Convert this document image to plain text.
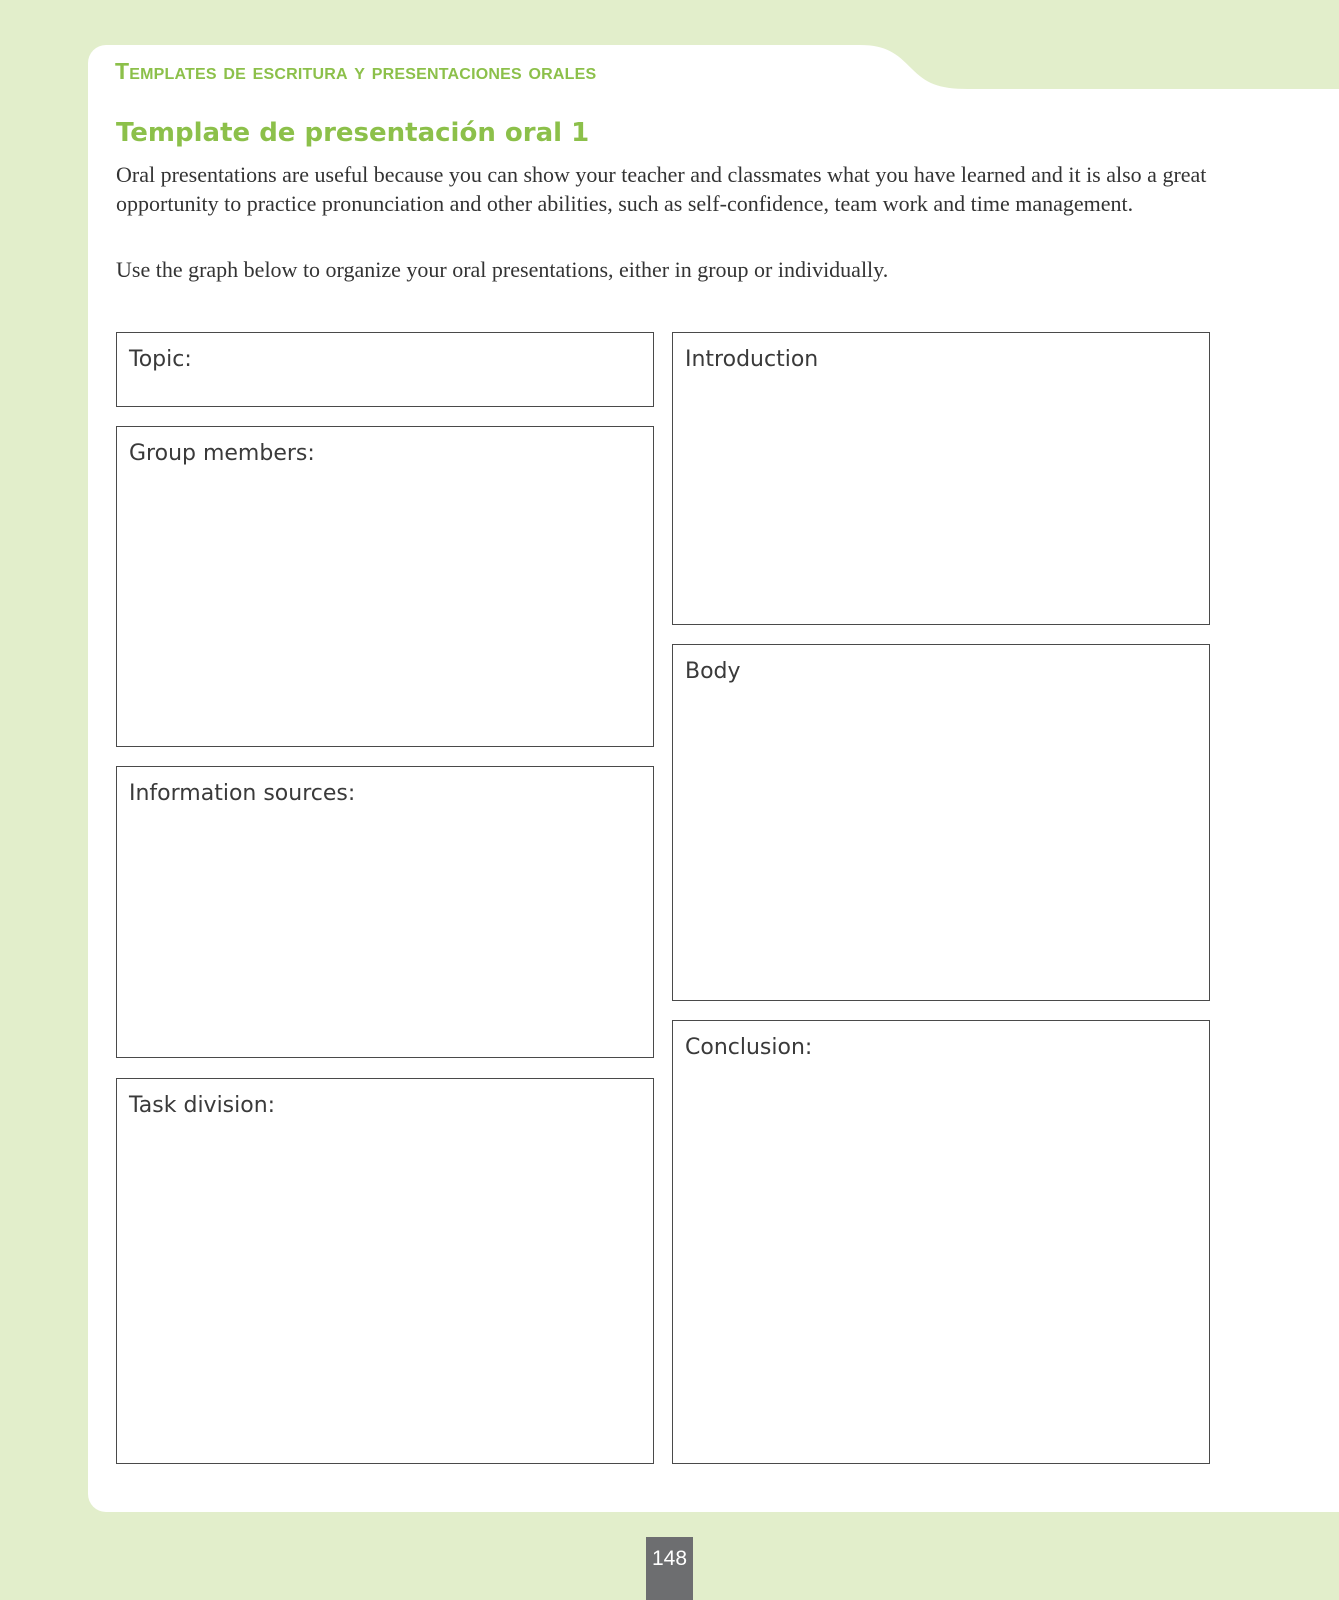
Templates de escritura y presentaciones orales
Template de presentación oral 1

Oral presentations are useful because you can show your teacher and classmates what you have learned and it is also a great opportunity to practice pronunciation and other abilities, such as self-confidence, team work and time management.

Use the graph below to organize your oral presentations, either in group or individually.

Topic:
Group members:
Information sources:
Task division:
Introduction
Body
Conclusion:
148
